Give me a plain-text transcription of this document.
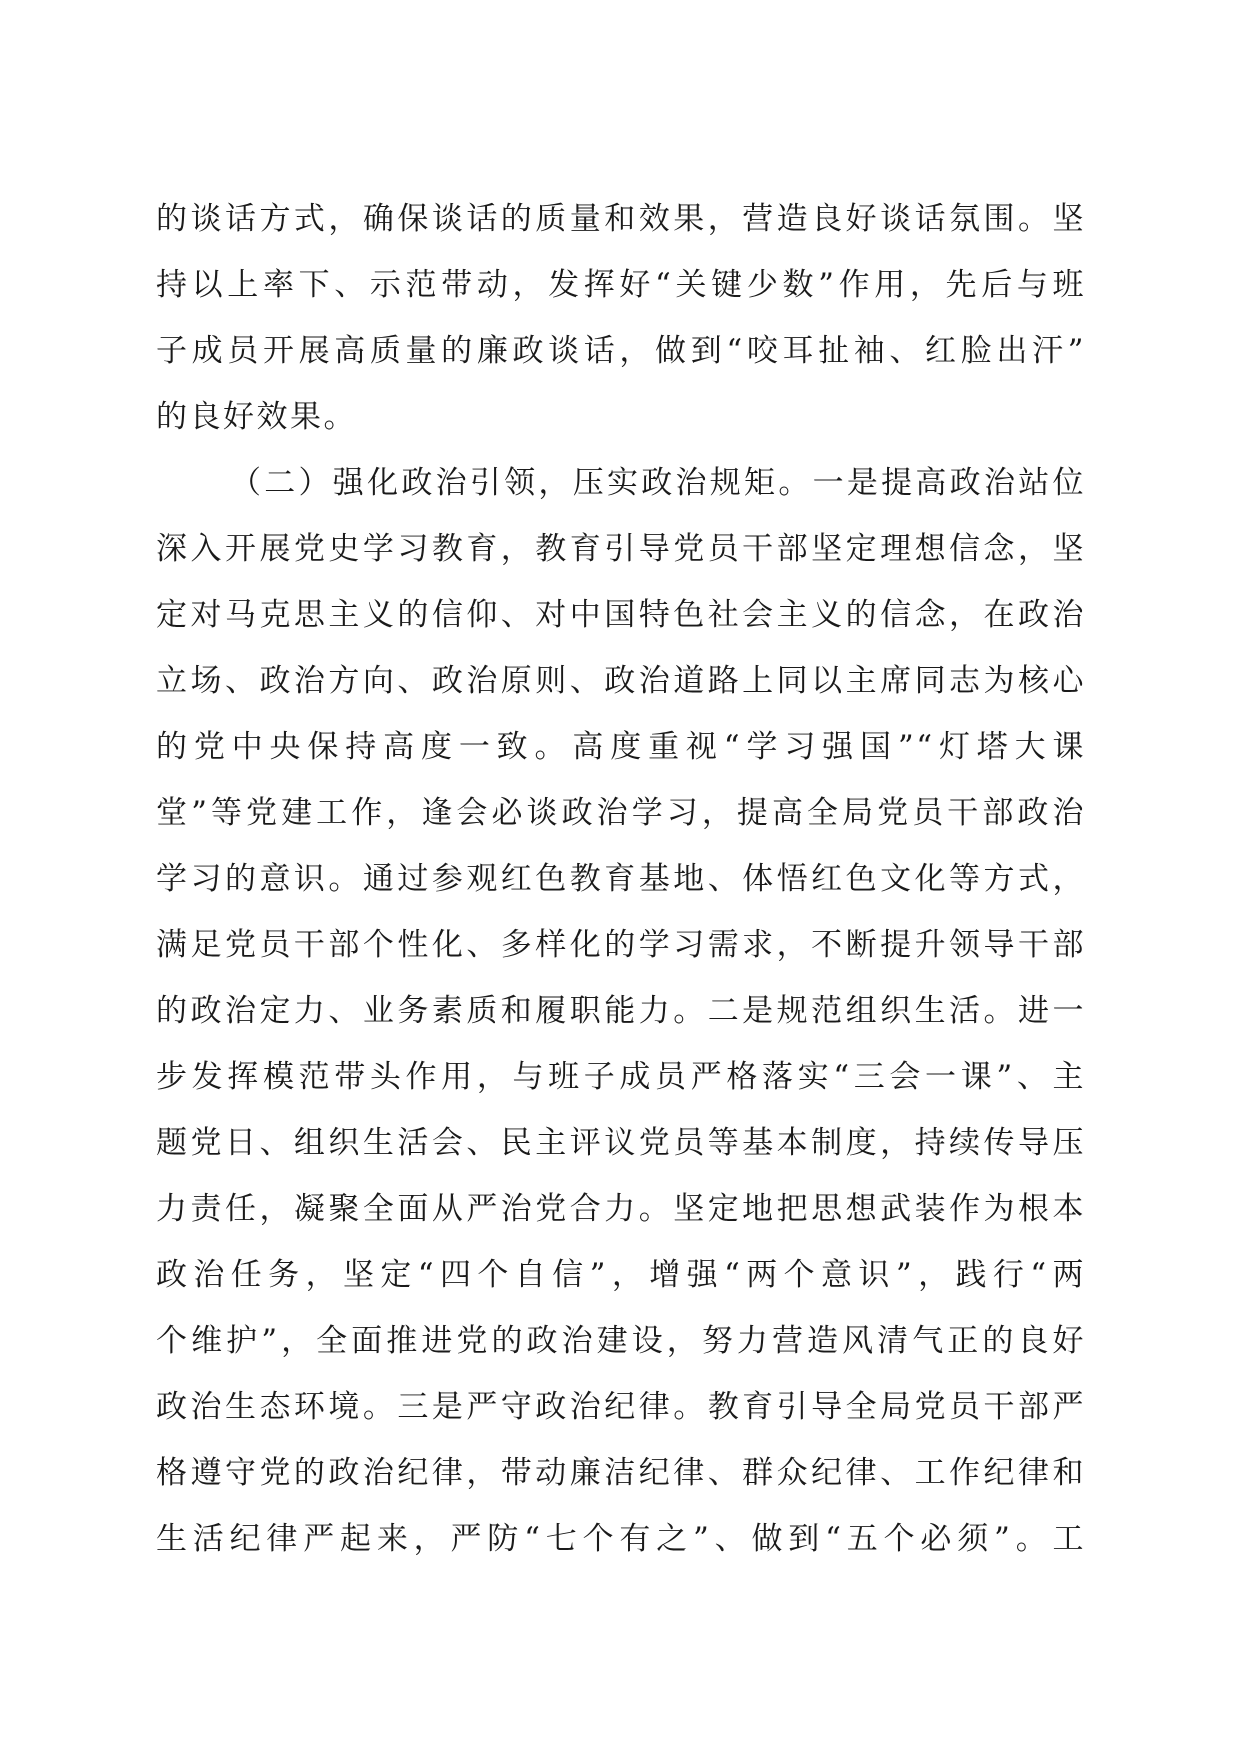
的谈话方式，确保谈话的质量和效果，营造良好谈话氛围。坚
持以上率下、示范带动，发挥好“关键少数”作用，先后与班
子成员开展高质量的廉政谈话，做到“咬耳扯袖、红脸出汗”
的良好效果。
（二）强化政治引领，压实政治规矩。一是提高政治站位
深入开展党史学习教育，教育引导党员干部坚定理想信念，坚
定对马克思主义的信仰、对中国特色社会主义的信念，在政治
立场、政治方向、政治原则、政治道路上同以主席同志为核心
的党中央保持高度一致。高度重视“学习强国”“灯塔大课
堂”等党建工作，逢会必谈政治学习，提高全局党员干部政治
学习的意识。通过参观红色教育基地、体悟红色文化等方式，
满足党员干部个性化、多样化的学习需求，不断提升领导干部
的政治定力、业务素质和履职能力。二是规范组织生活。进一
步发挥模范带头作用，与班子成员严格落实“三会一课”、主
题党日、组织生活会、民主评议党员等基本制度，持续传导压
力责任，凝聚全面从严治党合力。坚定地把思想武装作为根本
政治任务，坚定“四个自信”，增强“两个意识”，践行“两
个维护”，全面推进党的政治建设，努力营造风清气正的良好
政治生态环境。三是严守政治纪律。教育引导全局党员干部严
格遵守党的政治纪律，带动廉洁纪律、群众纪律、工作纪律和
生活纪律严起来，严防“七个有之”、做到“五个必须”。工
